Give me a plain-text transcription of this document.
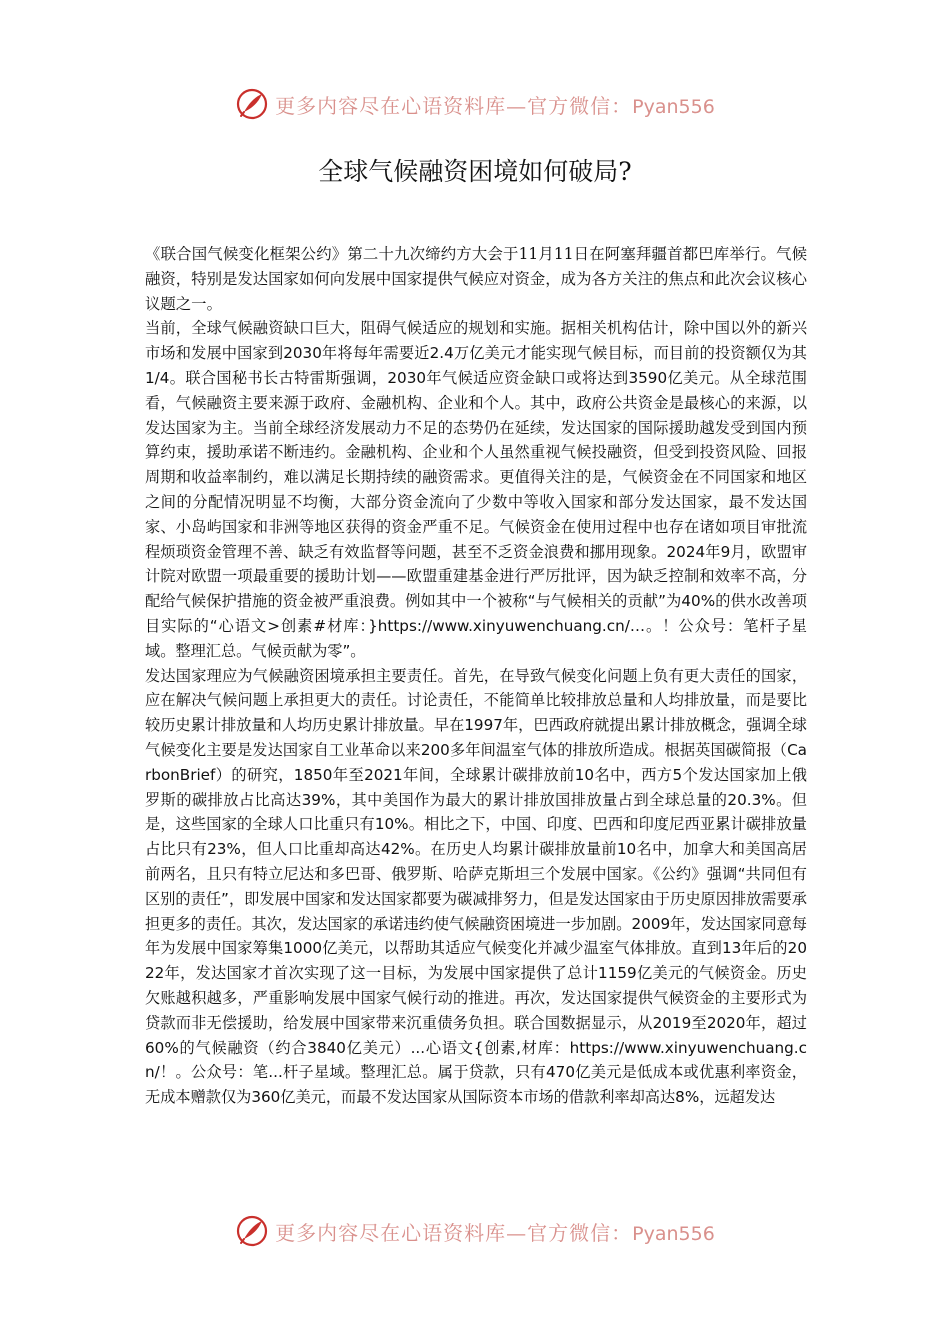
更多内容尽在心语资料库—官方微信：Pyan556
全球气候融资困境如何破局?

《联合国气候变化框架公约》第二十九次缔约方大会于11月11日在阿塞拜疆首都巴库举行。气候融资，特别是发达国家如何向发展中国家提供气候应对资金，成为各方关注的焦点和此次会议核心议题之一。

当前，全球气候融资缺口巨大，阻碍气候适应的规划和实施。据相关机构估计，除中国以外的新兴市场和发展中国家到2030年将每年需要近2.4万亿美元才能实现气候目标，而目前的投资额仅为其1/4。联合国秘书长古特雷斯强调，2030年气候适应资金缺口或将达到3590亿美元。从全球范围看，气候融资主要来源于政府、金融机构、企业和个人。其中，政府公共资金是最核心的来源，以发达国家为主。当前全球经济发展动力不足的态势仍在延续，发达国家的国际援助越发受到国内预算约束，援助承诺不断违约。金融机构、企业和个人虽然重视气候投融资，但受到投资风险、回报周期和收益率制约，难以满足长期持续的融资需求。更值得关注的是，气候资金在不同国家和地区之间的分配情况明显不均衡，大部分资金流向了少数中等收入国家和部分发达国家，最不发达国家、小岛屿国家和非洲等地区获得的资金严重不足。气候资金在使用过程中也存在诸如项目审批流程烦琐资金管理不善、缺乏有效监督等问题，甚至不乏资金浪费和挪用现象。2024年9月，欧盟审计院对欧盟一项最重要的援助计划——欧盟重建基金进行严厉批评，因为缺乏控制和效率不高，分配给气候保护措施的资金被严重浪费。例如其中一个被称“与气候相关的贡献”为40%的供水改善项目实际的“心语文>创素#材库：}https://www.xinyuwenchuang.cn/…。！公众号：笔杆子星域。整理汇总。气候贡献为零”。

发达国家理应为气候融资困境承担主要责任。首先，在导致气候变化问题上负有更大责任的国家，应在解决气候问题上承担更大的责任。讨论责任，不能简单比较排放总量和人均排放量，而是要比较历史累计排放量和人均历史累计排放量。早在1997年，巴西政府就提出累计排放概念，强调全球气候变化主要是发达国家自工业革命以来200多年间温室气体的排放所造成。根据英国碳简报（CarbonBrief）的研究，1850年至2021年间，全球累计碳排放前10名中，西方5个发达国家加上俄罗斯的碳排放占比高达39%，其中美国作为最大的累计排放国排放量占到全球总量的20.3%。但是，这些国家的全球人口比重只有10%。相比之下，中国、印度、巴西和印度尼西亚累计碳排放量占比只有23%，但人口比重却高达42%。在历史人均累计碳排放量前10名中，加拿大和美国高居前两名，且只有特立尼达和多巴哥、俄罗斯、哈萨克斯坦三个发展中国家。《公约》强调“共同但有区别的责任”，即发展中国家和发达国家都要为碳减排努力，但是发达国家由于历史原因排放需要承担更多的责任。其次，发达国家的承诺违约使气候融资困境进一步加剧。2009年，发达国家同意每年为发展中国家筹集1000亿美元，以帮助其适应气候变化并减少温室气体排放。直到13年后的2022年，发达国家才首次实现了这一目标，为发展中国家提供了总计1159亿美元的气候资金。历史欠账越积越多，严重影响发展中国家气候行动的推进。再次，发达国家提供气候资金的主要形式为贷款而非无偿援助，给发展中国家带来沉重债务负担。联合国数据显示，从2019至2020年，超过60%的气候融资（约合3840亿美元）...心语文{创素,材库：https://www.xinyuwenchuang.cn/！。公众号：笔...杆子星域。整理汇总。属于贷款，只有470亿美元是低成本或优惠利率资金，无成本赠款仅为360亿美元，而最不发达国家从国际资本市场的借款利率却高达8%，远超发达

更多内容尽在心语资料库—官方微信：Pyan556
